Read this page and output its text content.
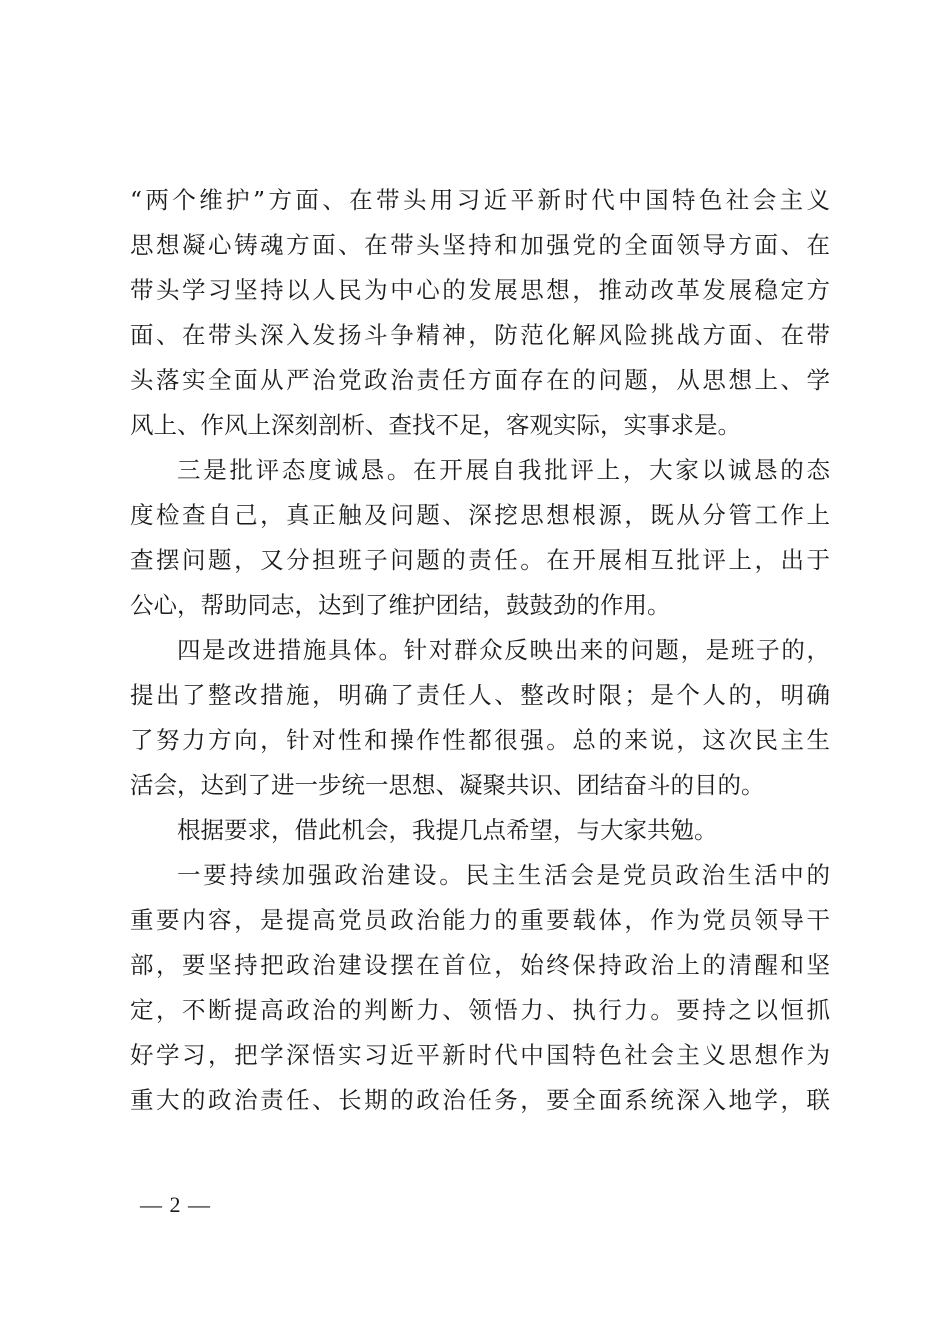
“两个维护”方面、在带头用习近平新时代中国特色社会主义
思想凝心铸魂方面、在带头坚持和加强党的全面领导方面、在
带头学习坚持以人民为中心的发展思想，推动改革发展稳定方
面、在带头深入发扬斗争精神，防范化解风险挑战方面、在带
头落实全面从严治党政治责任方面存在的问题，从思想上、学
风上、作风上深刻剖析、查找不足，客观实际，实事求是。
三是批评态度诚恳。在开展自我批评上，大家以诚恳的态
度检查自己，真正触及问题、深挖思想根源，既从分管工作上
查摆问题，又分担班子问题的责任。在开展相互批评上，出于
公心，帮助同志，达到了维护团结，鼓鼓劲的作用。
四是改进措施具体。针对群众反映出来的问题，是班子的，
提出了整改措施，明确了责任人、整改时限；是个人的，明确
了努力方向，针对性和操作性都很强。总的来说，这次民主生
活会，达到了进一步统一思想、凝聚共识、团结奋斗的目的。
根据要求，借此机会，我提几点希望，与大家共勉。
一要持续加强政治建设。民主生活会是党员政治生活中的
重要内容，是提高党员政治能力的重要载体，作为党员领导干
部，要坚持把政治建设摆在首位，始终保持政治上的清醒和坚
定，不断提高政治的判断力、领悟力、执行力。要持之以恒抓
好学习，把学深悟实习近平新时代中国特色社会主义思想作为
重大的政治责任、长期的政治任务，要全面系统深入地学，联
— 2 —
